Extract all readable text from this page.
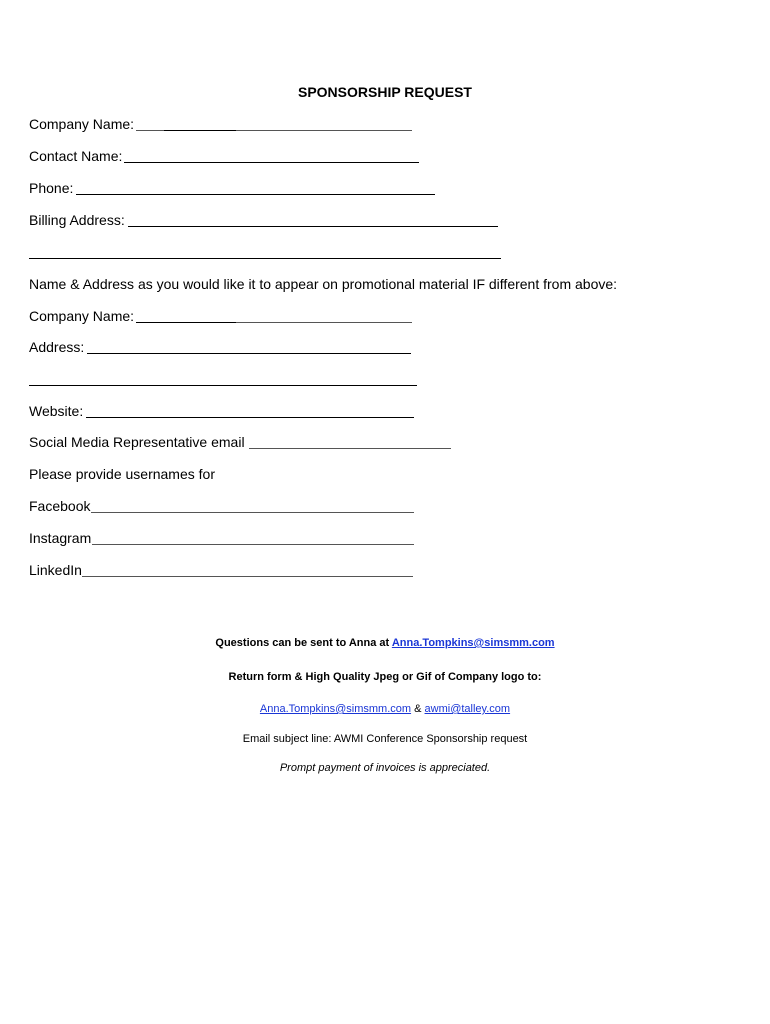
SPONSORSHIP REQUEST
Company Name:
Contact Name:
Phone:
Billing Address:
Name & Address as you would like it to appear on promotional material IF different from above:
Company Name:
Address:
Website:
Social Media Representative email
Please provide usernames for
Facebook
Instagram
LinkedIn
Questions can be sent to Anna at Anna.Tompkins@simsmm.com
Return form & High Quality Jpeg or Gif of Company logo to:
Anna.Tompkins@simsmm.com & awmi@talley.com
Email subject line: AWMI Conference Sponsorship request
Prompt payment of invoices is appreciated.
